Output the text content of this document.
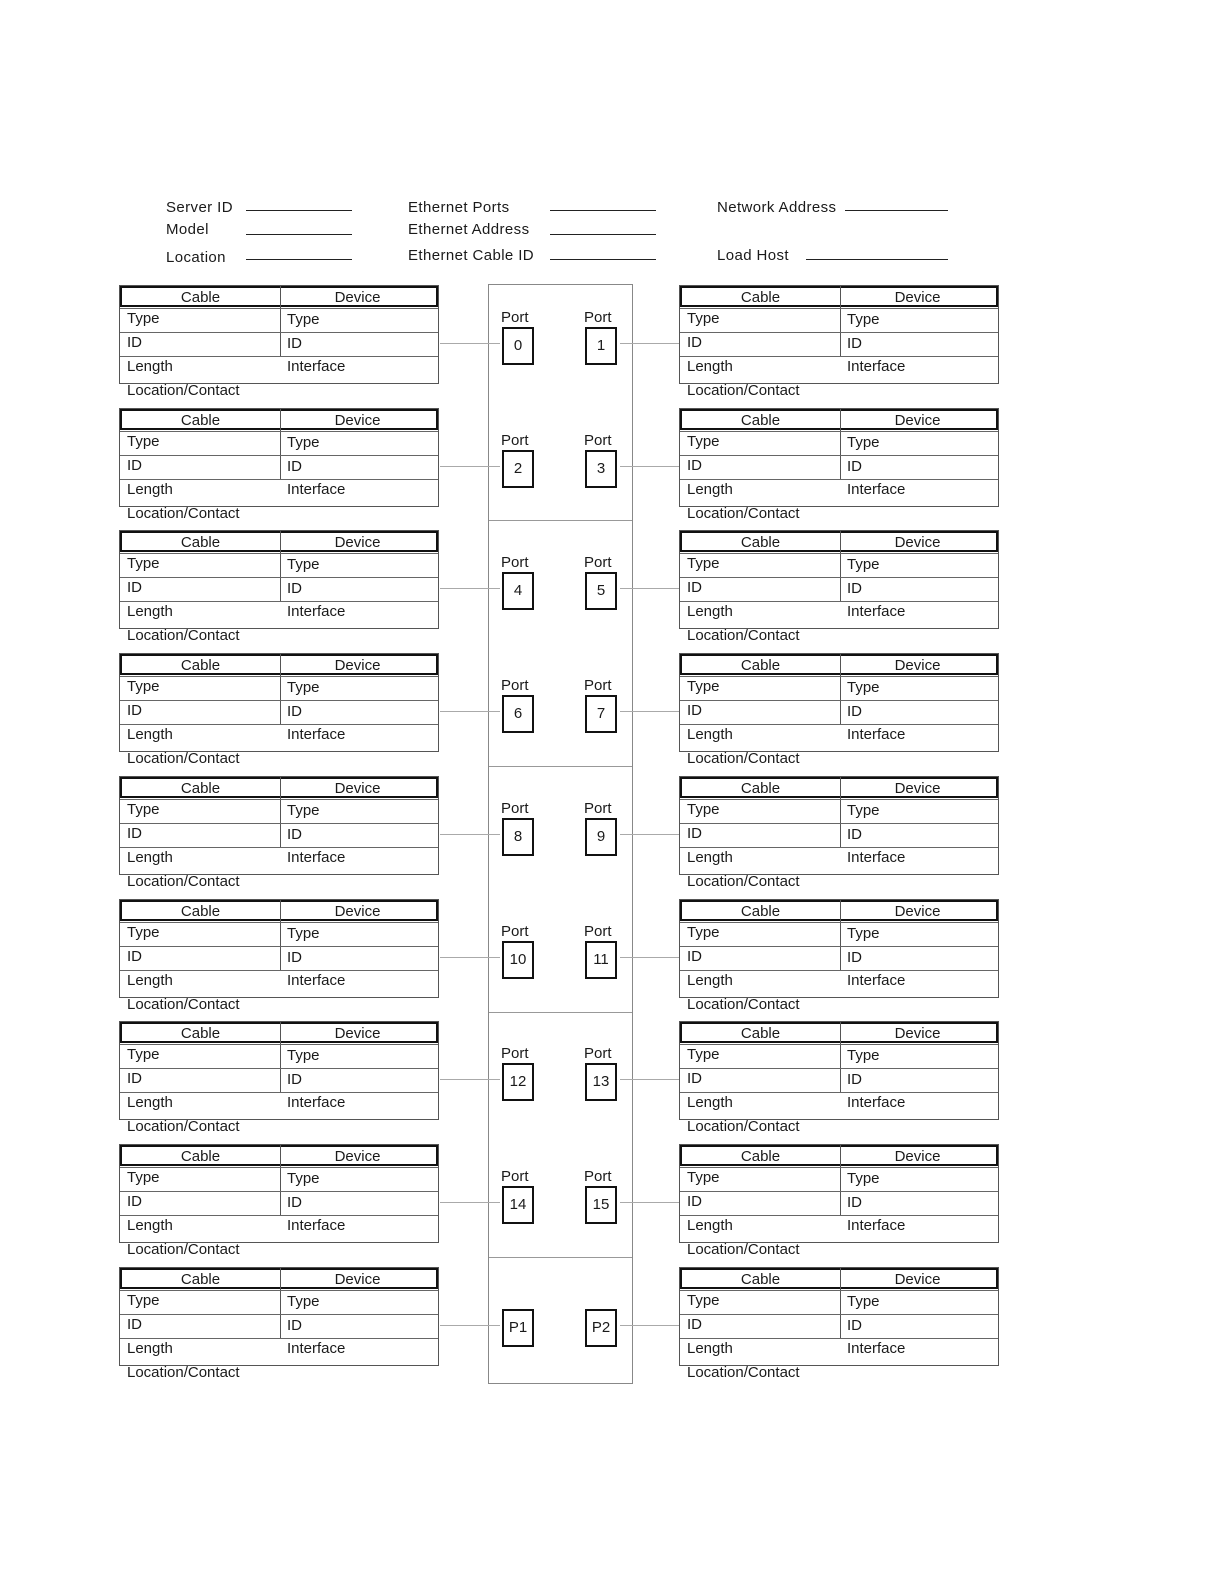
Server ID
Model
Location
Ethernet Ports
Ethernet Address
Ethernet Cable ID
Network Address
Load Host
Cable	Device
Type	Type
ID	ID
Length	Interface
Location/Contact
Cable	Device
Type	Type
ID	ID
Length	Interface
Location/Contact
Cable	Device
Type	Type
ID	ID
Length	Interface
Location/Contact
Cable	Device
Type	Type
ID	ID
Length	Interface
Location/Contact
Cable	Device
Type	Type
ID	ID
Length	Interface
Location/Contact
Cable	Device
Type	Type
ID	ID
Length	Interface
Location/Contact
Cable	Device
Type	Type
ID	ID
Length	Interface
Location/Contact
Cable	Device
Type	Type
ID	ID
Length	Interface
Location/Contact
Cable	Device
Type	Type
ID	ID
Length	Interface
Location/Contact
Cable	Device
Type	Type
ID	ID
Length	Interface
Location/Contact
Cable	Device
Type	Type
ID	ID
Length	Interface
Location/Contact
Cable	Device
Type	Type
ID	ID
Length	Interface
Location/Contact
Cable	Device
Type	Type
ID	ID
Length	Interface
Location/Contact
Cable	Device
Type	Type
ID	ID
Length	Interface
Location/Contact
Cable	Device
Type	Type
ID	ID
Length	Interface
Location/Contact
Cable	Device
Type	Type
ID	ID
Length	Interface
Location/Contact
Cable	Device
Type	Type
ID	ID
Length	Interface
Location/Contact
Cable	Device
Type	Type
ID	ID
Length	Interface
Location/Contact
Port
0
Port
1
Port
2
Port
3
Port
4
Port
5
Port
6
Port
7
Port
8
Port
9
Port
10
Port
11
Port
12
Port
13
Port
14
Port
15
P1	P2
